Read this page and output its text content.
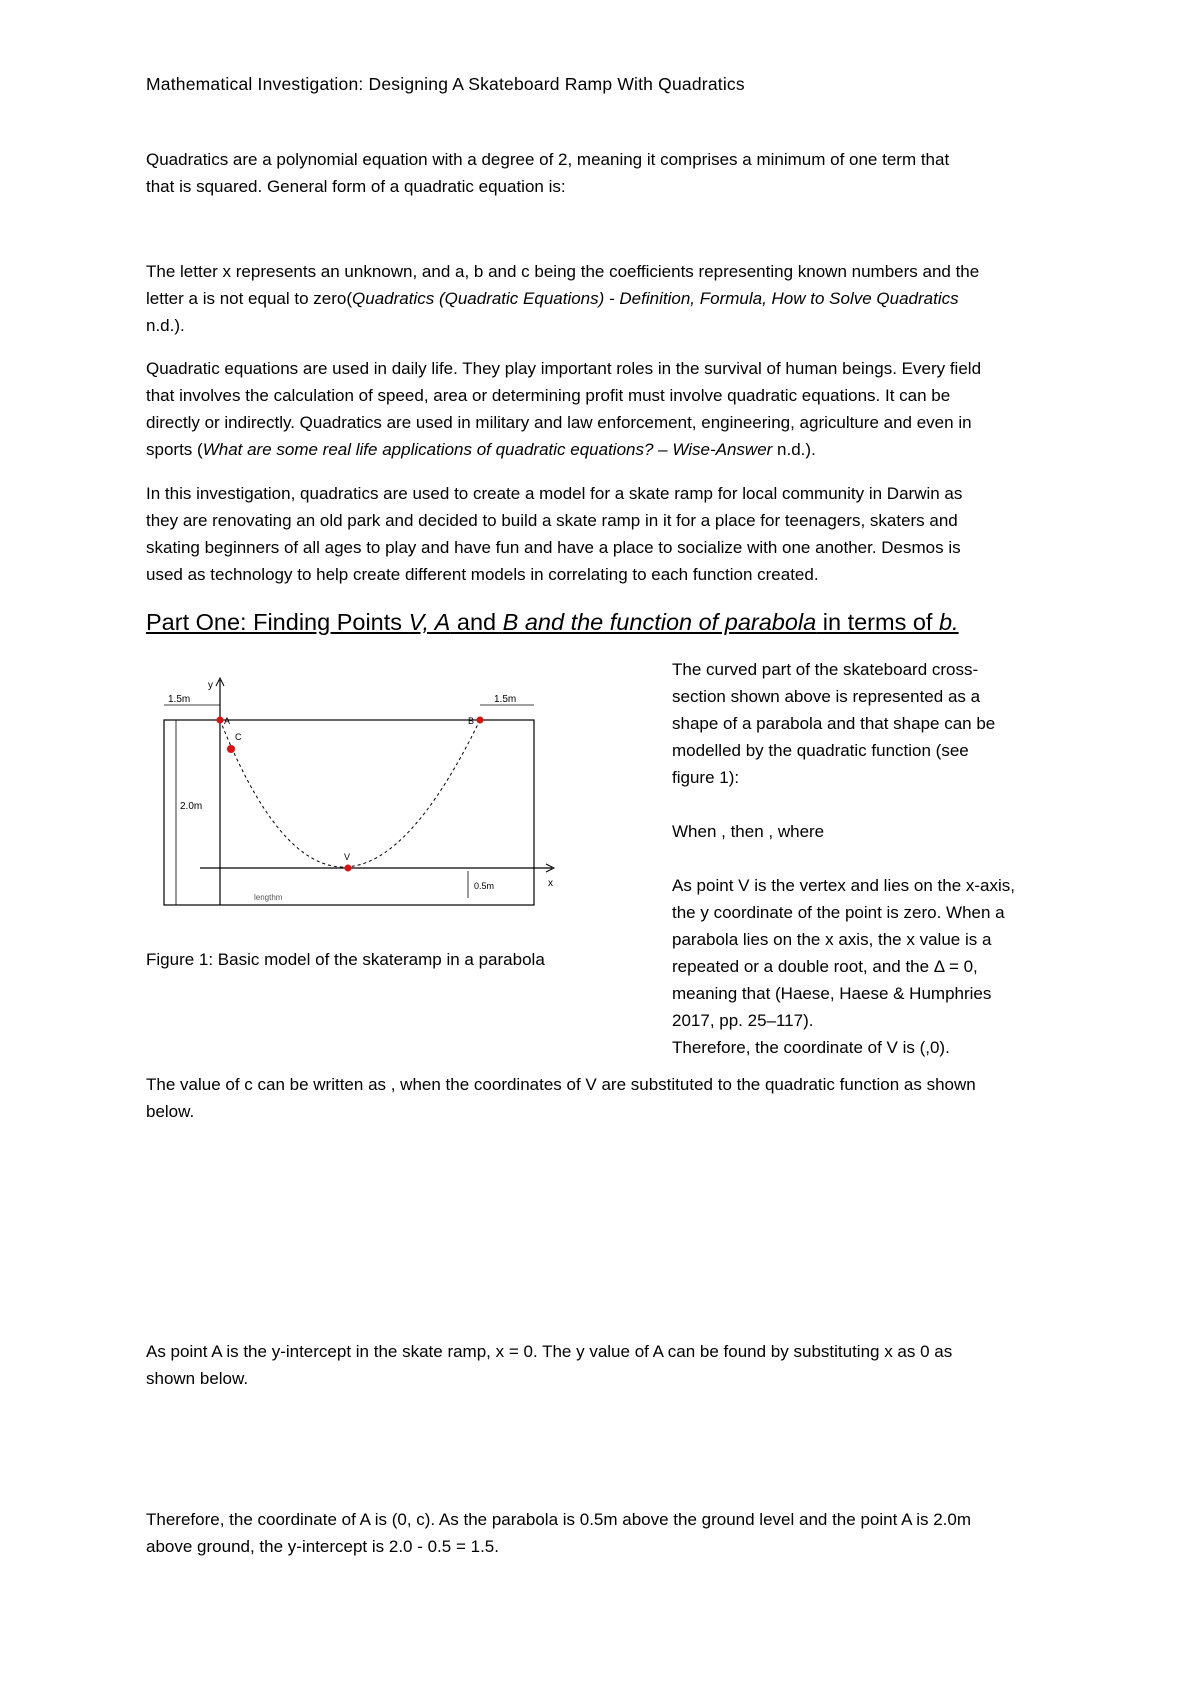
Mathematical Investigation: Designing A Skateboard Ramp With Quadratics
Quadratics are a polynomial equation with a degree of 2, meaning it comprises a minimum of one term that
that is squared. General form of a quadratic equation is:
The letter x represents an unknown, and a, b and c being the coefficients representing known numbers and the
letter a is not equal to zero(Quadratics (Quadratic Equations) - Definition, Formula, How to Solve Quadratics
n.d.).
Quadratic equations are used in daily life. They play important roles in the survival of human beings. Every field
that involves the calculation of speed, area or determining profit must involve quadratic equations. It can be
directly or indirectly. Quadratics are used in military and law enforcement, engineering, agriculture and even in
sports (What are some real life applications of quadratic equations? – Wise-Answer n.d.).
In this investigation, quadratics are used to create a model for a skate ramp for local community in Darwin as
they are renovating an old park and decided to build a skate ramp in it for a place for teenagers, skaters and
skating beginners of all ages to play and have fun and have a place to socialize with one another. Desmos is
used as technology to help create different models in correlating to each function created.
Part One: Finding Points V, A and B and the function of parabola in terms of b.
y
x
1.5m	1.5m
2.0m
0.5m
lengthm
A
C
B
V
Figure 1: Basic model of the skateramp in a parabola
The curved part of the skateboard cross-
section shown above is represented as a
shape of a parabola and that shape can be
modelled by the quadratic function (see
figure 1):
When , then , where
As point V is the vertex and lies on the x-axis,
the y coordinate of the point is zero. When a
parabola lies on the x axis, the x value is a
repeated or a double root, and the Δ = 0,
meaning that (Haese, Haese & Humphries
2017, pp. 25–117).
Therefore, the coordinate of V is (,0).
The value of c can be written as , when the coordinates of V are substituted to the quadratic function as shown
below.
As point A is the y-intercept in the skate ramp, x = 0. The y value of A can be found by substituting x as 0 as
shown below.
Therefore, the coordinate of A is (0, c). As the parabola is 0.5m above the ground level and the point A is 2.0m
above ground, the y-intercept is 2.0 - 0.5 = 1.5.
